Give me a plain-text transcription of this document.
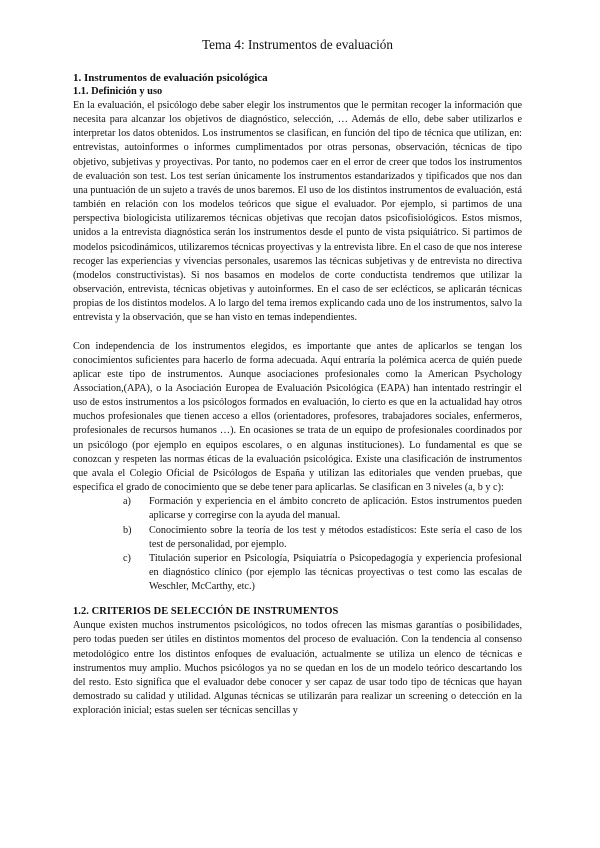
Tema 4: Instrumentos de evaluación
1. Instrumentos de evaluación psicológica
1.1. Definición y uso

En la evaluación, el psicólogo debe saber elegir los instrumentos que le permitan recoger la información que necesita para alcanzar los objetivos de diagnóstico, selección, … Además de ello, debe saber utilizarlos e interpretar los datos obtenidos. Los instrumentos se clasifican, en función del tipo de técnica que utilizan, en: entrevistas, autoinformes o informes cumplimentados por otras personas, observación, técnicas de tipo objetivo, subjetivas y proyectivas. Por tanto, no podemos caer en el error de creer que todos los instrumentos de evaluación son test. Los test serían únicamente los instrumentos estandarizados y tipificados que nos dan una puntuación de un sujeto a través de unos baremos. El uso de los distintos instrumentos de evaluación, está también en relación con los modelos teóricos que sigue el evaluador. Por ejemplo, si partimos de una perspectiva biologicista utilizaremos técnicas objetivas que recojan datos psicofisiológicos. Estos mismos, unidos a la entrevista diagnóstica serán los instrumentos desde el punto de vista psiquiátrico. Si partimos de modelos psicodinámicos, utilizaremos técnicas proyectivas y la entrevista libre. En el caso de que nos interese recoger las experiencias y vivencias personales, usaremos las técnicas subjetivas y de entrevista no directiva (modelos constructivistas). Si nos basamos en modelos de corte conductista tendremos que utilizar la observación, entrevista, técnicas objetivas y autoinformes. En el caso de ser eclécticos, se aplicarán técnicas propias de los distintos modelos. A lo largo del tema iremos explicando cada uno de los instrumentos, salvo la entrevista y la observación, que se han visto en temas independientes.

Con independencia de los instrumentos elegidos, es importante que antes de aplicarlos se tengan los conocimientos suficientes para hacerlo de forma adecuada. Aquí entraría la polémica acerca de quién puede aplicar este tipo de instrumentos. Aunque asociaciones profesionales como la American Psychology Association,(APA), o la Asociación Europea de Evaluación Psicológica (EAPA) han intentado restringir el uso de estos instrumentos a los psicólogos formados en evaluación, lo cierto es que en la actualidad hay otros muchos profesionales que tienen acceso a ellos (orientadores, profesores, trabajadores sociales, enfermeros, profesionales de recursos humanos …). En ocasiones se trata de un equipo de profesionales coordinados por un psicólogo (por ejemplo en equipos escolares, o en algunas instituciones). Lo fundamental es que se conozcan y respeten las normas éticas de la evaluación psicológica. Existe una clasificación de instrumentos que avala el Colegio Oficial de Psicólogos de España y utilizan las editoriales que venden pruebas, que especifica el grado de conocimiento que se debe tener para aplicarlas. Se clasifican en 3 niveles (a, b y c):

a) Formación y experiencia en el ámbito concreto de aplicación. Estos instrumentos pueden aplicarse y corregirse con la ayuda del manual.
b) Conocimiento sobre la teoría de los test y métodos estadísticos: Este sería el caso de los test de personalidad, por ejemplo.
c) Titulación superior en Psicología, Psiquiatría o Psicopedagogía y experiencia profesional en diagnóstico clínico (por ejemplo las técnicas proyectivas o test como las escalas de Weschler, McCarthy, etc.)
1.2. CRITERIOS DE SELECCIÓN DE INSTRUMENTOS

Aunque existen muchos instrumentos psicológicos, no todos ofrecen las mismas garantías o posibilidades, pero todas pueden ser útiles en distintos momentos del proceso de evaluación. Con la tendencia al consenso metodológico entre los distintos enfoques de evaluación, actualmente se utiliza un elenco de técnicas e instrumentos muy amplio. Muchos psicólogos ya no se quedan en los de un modelo teórico descartando los del resto. Esto significa que el evaluador debe conocer y ser capaz de usar todo tipo de técnicas que hayan demostrado su calidad y utilidad. Algunas técnicas se utilizarán para realizar un screening o detección en la exploración inicial; estas suelen ser técnicas sencillas y
